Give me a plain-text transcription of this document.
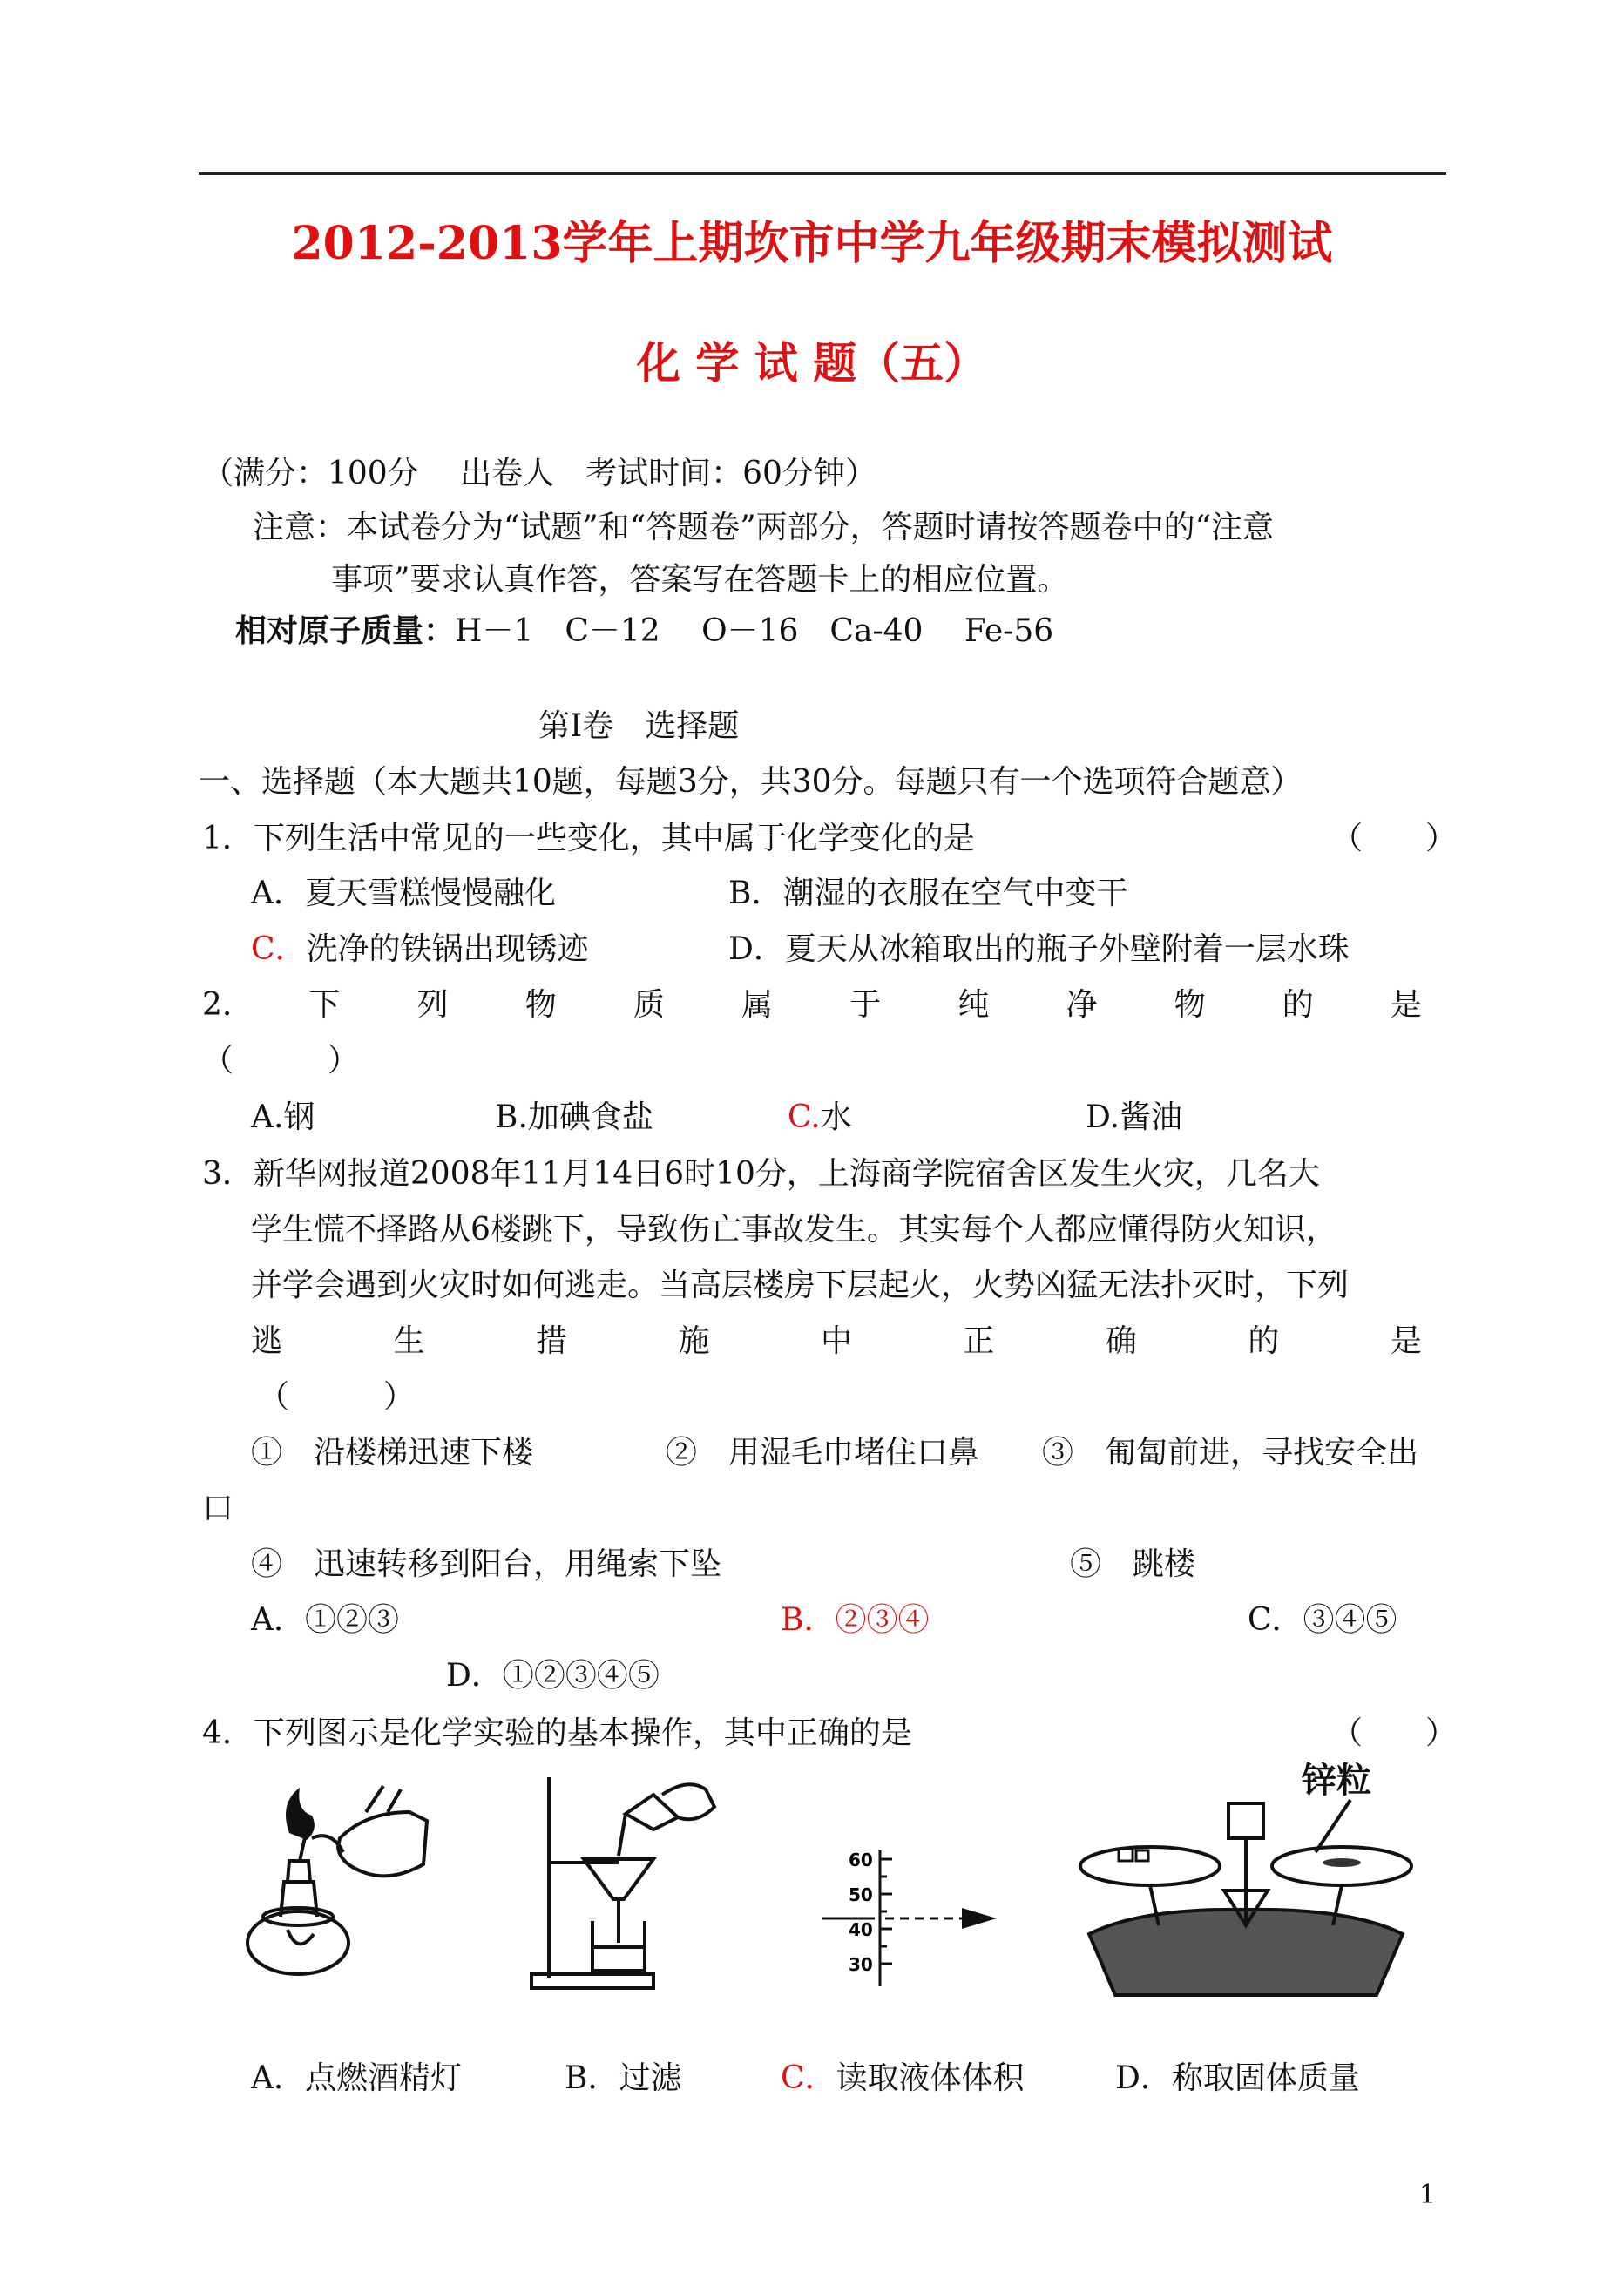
2012-2013学年上期坎市中学九年级期末模拟测试
化 学 试 题（五）
（满分：100分　 出卷人　考试时间：60分钟）
注意：本试卷分为“试题”和“答题卷”两部分，答题时请按答题卷中的“注意
事项”要求认真作答，答案写在答题卡上的相应位置。
相对原子质量：H－1　C－12　 O－16　Ca-40　 Fe-56
第Ⅰ卷　选择题
一、选择题（本大题共10题，每题3分，共30分。每题只有一个选项符合题意）
1．下列生活中常见的一些变化，其中属于化学变化的是	（　　）
A．夏天雪糕慢慢融化	B．潮湿的衣服在空气中变干
C．洗净的铁锅出现锈迹	D．夏天从冰箱取出的瓶子外壁附着一层水珠
2. 下 列 物 质 属 于 纯 净 物 的 是
（　　　）
A.钢	B.加碘食盐	C.水	D.酱油
3．新华网报道2008年11月14日6时10分，上海商学院宿舍区发生火灾，几名大
学生慌不择路从6楼跳下，导致伤亡事故发生。其实每个人都应懂得防火知识，
并学会遇到火灾时如何逃走。当高层楼房下层起火，火势凶猛无法扑灭时，下列
逃	生	措	施	中	正	确	的	是
（　　　）
①　沿楼梯迅速下楼	②　用湿毛巾堵住口鼻 ③　匍匐前进，寻找安全出
口
④　迅速转移到阳台，用绳索下坠	⑤　跳楼
A．①②③	B．②③④	C．③④⑤
D．①②③④⑤
4．下列图示是化学实验的基本操作，其中正确的是	（　　）
60
50
40
30
锌粒
A．点燃酒精灯	B．过滤	C．读取液体体积	D．称取固体质量
1
